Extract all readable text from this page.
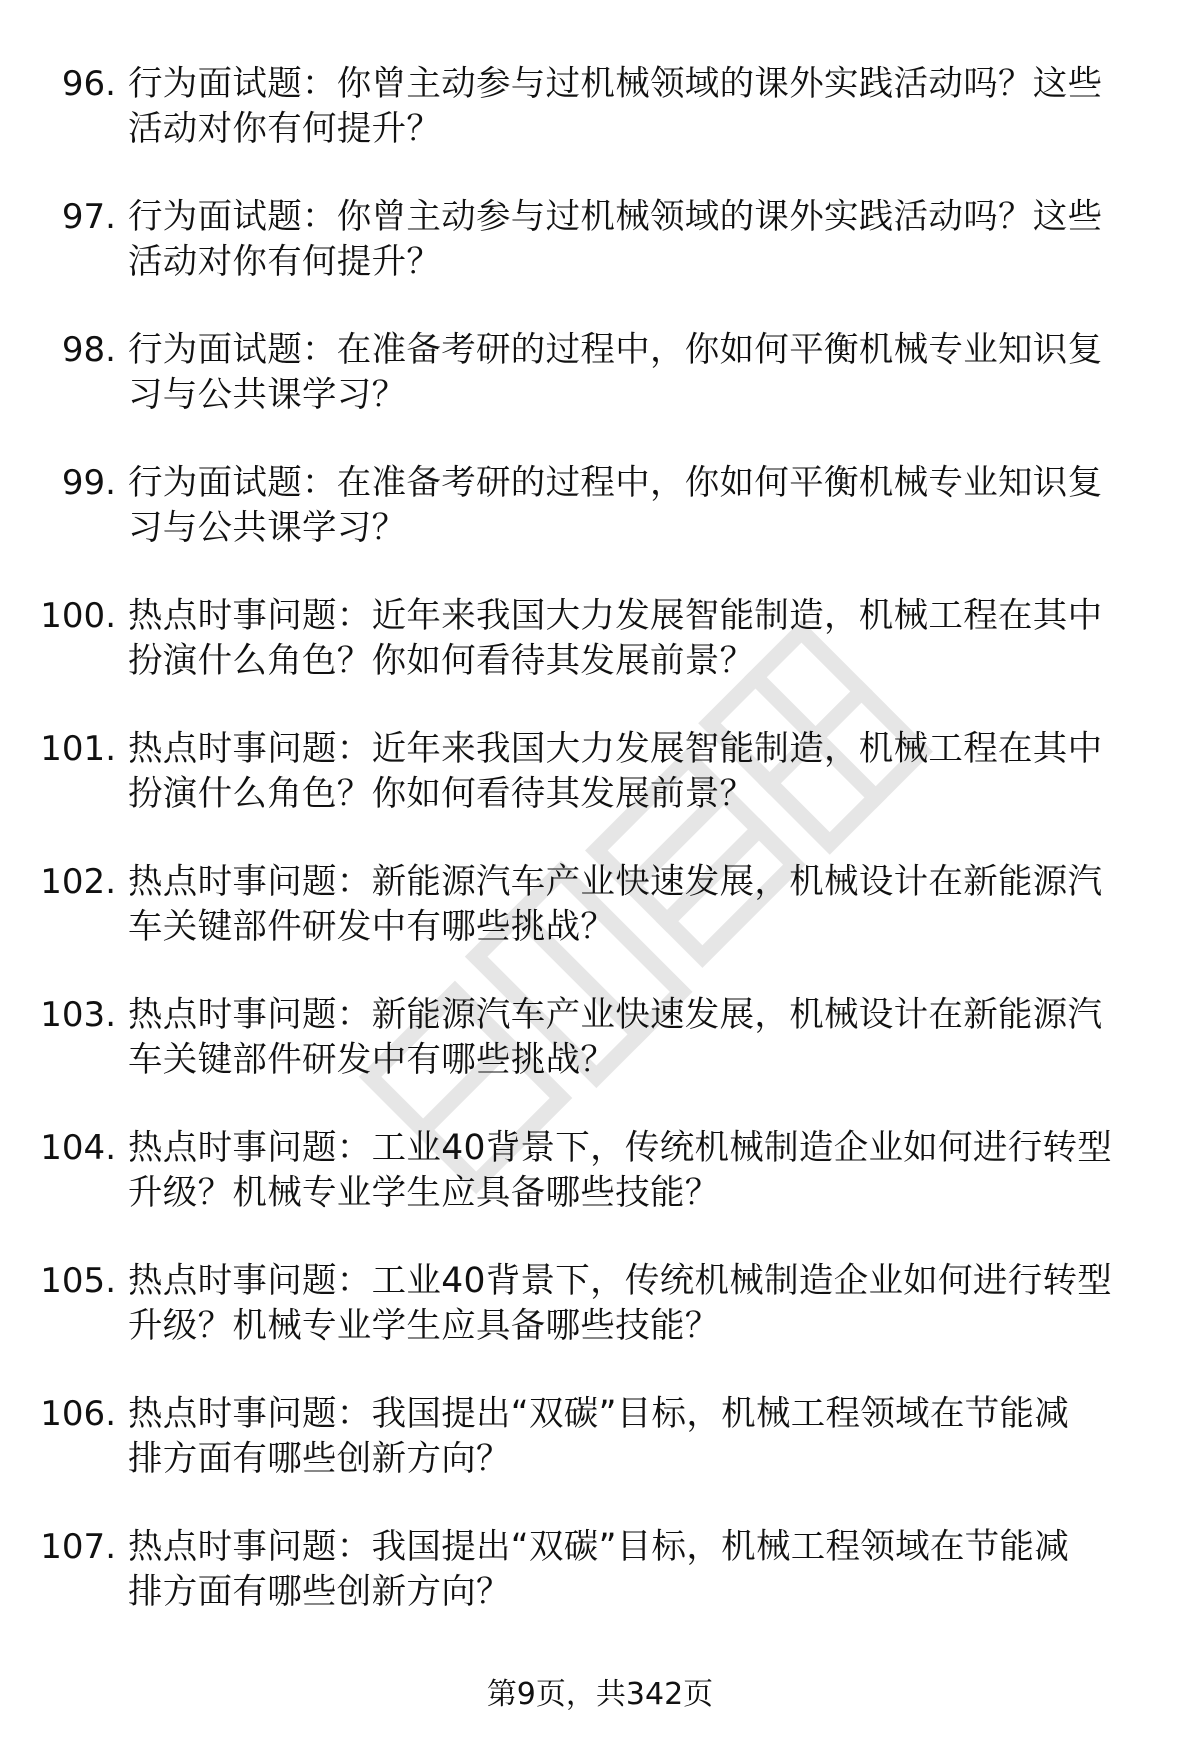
96. 行为面试题：你曾主动参与过机械领域的课外实践活动吗？这些
活动对你有何提升？
97. 行为面试题：你曾主动参与过机械领域的课外实践活动吗？这些
活动对你有何提升？
98. 行为面试题：在准备考研的过程中，你如何平衡机械专业知识复
习与公共课学习？
99. 行为面试题：在准备考研的过程中，你如何平衡机械专业知识复
习与公共课学习？
100. 热点时事问题：近年来我国大力发展智能制造，机械工程在其中
扮演什么角色？你如何看待其发展前景？
101. 热点时事问题：近年来我国大力发展智能制造，机械工程在其中
扮演什么角色？你如何看待其发展前景？
102. 热点时事问题：新能源汽车产业快速发展，机械设计在新能源汽
车关键部件研发中有哪些挑战？
103. 热点时事问题：新能源汽车产业快速发展，机械设计在新能源汽
车关键部件研发中有哪些挑战？
104. 热点时事问题：工业40背景下，传统机械制造企业如何进行转型
升级？机械专业学生应具备哪些技能？
105. 热点时事问题：工业40背景下，传统机械制造企业如何进行转型
升级？机械专业学生应具备哪些技能？
106. 热点时事问题：我国提出“双碳”目标，机械工程领域在节能减
排方面有哪些创新方向？
107. 热点时事问题：我国提出“双碳”目标，机械工程领域在节能减
排方面有哪些创新方向？
第9页，共342页
